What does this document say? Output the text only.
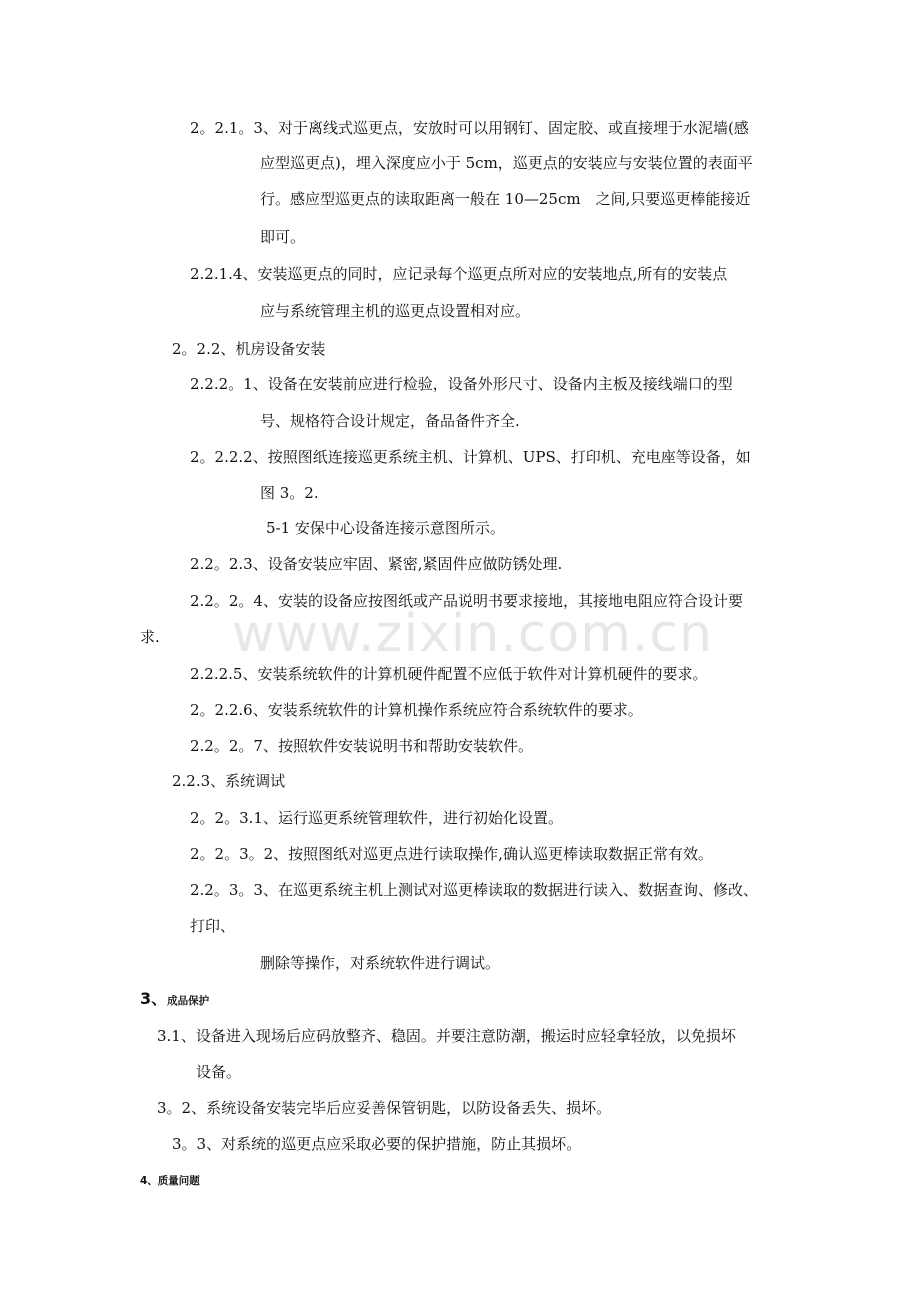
2。2.1。3、对于离线式巡更点，安放时可以用钢钉、固定胶、或直接埋于水泥墙(感
应型巡更点)，埋入深度应小于 5cm，巡更点的安装应与安装位置的表面平
行。感应型巡更点的读取距离一般在 10—25cm　之间,只要巡更棒能接近
即可。
2.2.1.4、安装巡更点的同时，应记录每个巡更点所对应的安装地点,所有的安装点
应与系统管理主机的巡更点设置相对应。
2。2.2、机房设备安装
2.2.2。1、设备在安装前应进行检验，设备外形尺寸、设备内主板及接线端口的型
号、规格符合设计规定，备品备件齐全.
2。2.2.2、按照图纸连接巡更系统主机、计算机、UPS、打印机、充电座等设备，如
图 3。2.
5-1 安保中心设备连接示意图所示。
2.2。2.3、设备安装应牢固、紧密,紧固件应做防锈处理.
2.2。2。4、安装的设备应按图纸或产品说明书要求接地，其接地电阻应符合设计要
求.
2.2.2.5、安装系统软件的计算机硬件配置不应低于软件对计算机硬件的要求。
2。2.2.6、安装系统软件的计算机操作系统应符合系统软件的要求。
2.2。2。7、按照软件安装说明书和帮助安装软件。
2.2.3、系统调试
2。2。3.1、运行巡更系统管理软件，进行初始化设置。
2。2。3。2、按照图纸对巡更点进行读取操作,确认巡更棒读取数据正常有效。
2.2。3。3、在巡更系统主机上测试对巡更棒读取的数据进行读入、数据查询、修改、
打印、
删除等操作，对系统软件进行调试。
3、成品保护
3.1、设备进入现场后应码放整齐、稳固。并要注意防潮，搬运时应轻拿轻放，以免损坏
设备。
3。2、系统设备安装完毕后应妥善保管钥匙，以防设备丢失、损坏。
3。3、对系统的巡更点应采取必要的保护措施，防止其损坏。
4、质量问题
www.zixin.com.cn
